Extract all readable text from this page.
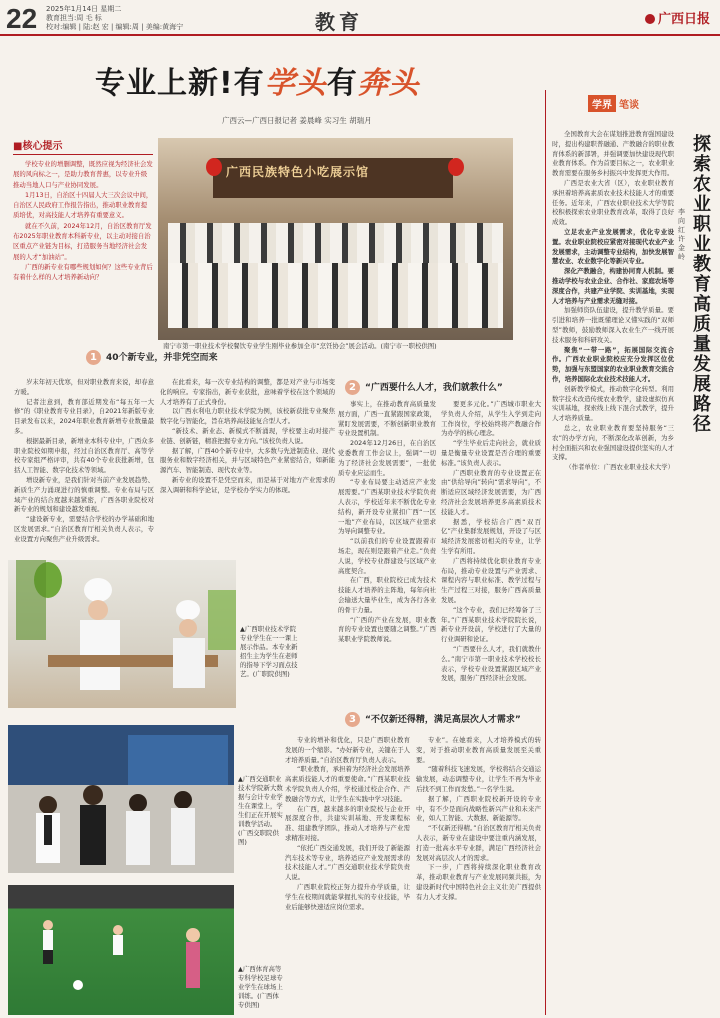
22 2025年1月14日 星期二
教育担当:周 毛 标
校对:编辑 | 陆:赵 宏 | 编辑:周 | 美编:黄海宁	教育	广西日报
专业上新!有学头有奔头
广西云—广西日报记者 姜晨峰 实习生 胡瑞月
■核心提示

学校专业的增删调整，既然应视为经济社会发展的风向标之一，是助力教育普惠，以专业升级推动当地人口与产业协同发展。

1月13日，自治区十四届人大三次会议中间，自治区人民政府工作报告指出，推动职业教育提质培优，对高技能人才培养有重要意义。

就在不久前，2024年12月，自治区教育厅发布2025年职业教育本科新专业，以主动对接自治区重点产业链为目标，打造服务当地经济社会发展的人才“加油站”。

广西的新专业有哪些规划如何？这些专业背后有着什么样的人才培养新动向？

广西民族特色小吃展示馆
南宁市第一职业技术学校餐饮专业学生刚毕业参加全市“烹饪协会”展会活动。(南宁市一职校供图)
1 40个新专业，并非凭空而来

岁末年初天优寒，但对职业教育来说，却春意方暖。

记者注意到，教育部近期发布“每五年一大修”的《职业教育专业目录》，自2021年新版专业目录发布以来，2024年职业教育新增专业数量最多。

根据最新目录，新增业本科专业中，广西众多职业院校如期申报，经过自治区教育厅、高等学校专家组严格评审，共有40个专业获批新增，包括人工智能、数字化技术等领域。

增设新专业，是我们针对当前产业发展趋势、新质生产力涌现进行的慎重调整。专业布局与区域产业的结合度越来越紧密，广西各职业院校对新专业的规划和建设越发重视。

“建设新专业，需要结合学校的办学基础和地区发展需求。”自治区教育厅相关负责人表示，专业设置方向聚焦产业升级需求。

在此看来，每一次专业结构的调整，都是对产业与市场变化的响应。专家指出，新专业获批，意味着学校在这个领域的人才培养有了正式身份。

以广西水利电力职业技术学院为例，该校新获批专业聚焦数字化与智能化，旨在培养高技能复合型人才。

“新技术、新业态、新模式不断涌现，学校要主动对接产业链、创新链，精准把握专业方向。”该校负责人说。

据了解，广西40个新专业中，大多数与先进制造业、现代服务业和数字经济相关，并与区域特色产业紧密结合，如新能源汽车、智能制造、现代农业等。

新专业的设置不是凭空而来，而是基于对地方产业需求的深入调研和科学论证，是学校办学实力的体现。

2 “广西要什么人才，我们就教什么”

事实上，在推动教育高质量发展方面，广西一直紧跟国家政策，紧盯发展需要，不断创新职业教育专业设置机制。

2024年12月26日，在自治区党委教育工作会议上，强调“一切为了经济社会发展需要”，一批优质专业应运而生。

“专业布局要主动适应产业发展需要。”广西某职业技术学院负责人表示，学校近年来不断优化专业结构，新开设专业紧扣广西“一区一地”产业布局，以区域产业需求为导向调整专业。

“以前我们的专业设置跟着市场走，现在则是跟着产业走。”负责人说，学校专业群建设与区域产业高度契合。

在广西，职业院校已成为技术技能人才培养的主阵地，每年向社会输送大量毕业生，成为各行各业的骨干力量。

“广西的产业在发展，职业教育的专业设置也要随之调整。”广西某职业学院教师说。

要更多元化。”广西城市职业大学负责人介绍，从学生入学到走向工作岗位，学校始终将产教融合作为办学的核心理念。

“学生毕业后走向社会，就业质量是衡量专业设置是否合理的重要标准。”该负责人表示。

广西职业教育的专业设置正在由“供给导向”转向“需求导向”，不断适应区域经济发展需要，为广西经济社会发展培养更多高素质技术技能人才。

据悉，学校结合广西“双百亿”产业集群发展规划，开设了与区域经济发展密切相关的专业，让学生学有所用。

广西将持续优化职业教育专业布局，推动专业设置与产业需求、课程内容与职业标准、教学过程与生产过程三对接，服务广西高质量发展。

“这个专业，我们已经筹备了三年。”广西某职业技术学院院长说，新专业开设前，学校进行了大量的行业调研和论证。

“广西要什么人才，我们就教什么。”南宁市第一职业技术学校校长表示，学校专业设置紧跟区域产业发展，服务广西经济社会发展。

3 “不仅新还得精，满足高层次人才需求”

专业的增补和优化，只是广西职业教育发展的一个缩影。“办好新专业，关键在于人才培养质量。”自治区教育厅负责人表示。

“职业教育，承担着为经济社会发展培养高素质技能人才的重要使命。”广西某职业技术学院负责人介绍，学校通过校企合作、产教融合等方式，让学生在实践中学习技能。

在广西，越来越多的职业院校与企业开展深度合作，共建实训基地、开发课程标准、组建教学团队，推动人才培养与产业需求精准对接。

“依托广西交通发展，我们开设了新能源汽车技术等专业，培养适应产业发展需求的技术技能人才。”广西交通职业技术学院负责人说。

广西职业院校正努力提升办学质量，让学生在校期间就能掌握扎实的专业技能，毕业后能够快速适应岗位需求。

专业”。在她看来，人才培养模式的转变，对于推动职业教育高质量发展至关重要。

“随着科技飞速发展，学校将结合交通运输发展，动态调整专业，让学生不再为毕业后找不到工作而发愁。”一名学生说。

据了解，广西职业院校新开设的专业中，有不少是面向战略性新兴产业和未来产业，如人工智能、大数据、新能源等。

“不仅新还得精。”自治区教育厅相关负责人表示，新专业在建设中要注重内涵发展，打造一批高水平专业群，满足广西经济社会发展对高层次人才的需求。

下一步，广西将持续深化职业教育改革，推动职业教育与产业发展同频共振，为建设新时代中国特色社会主义壮美广西提供有力人才支撑。

▲广西职业技术学院专业学生在一一课上展示作品。本专业新招生主为学生在老师的指导下学习面点技艺。(广职院供图)
▲广西交通职业技术学院新大数据与会计专业学生在课堂上，学生们正在开展实训教学活动。(广西交职院供图)
▲广西体育高等专科学校足球专业学生在球场上训练。(广西体专供图)
学界 笔谈
探索农业职业教育高质量发展路径
李向红 许金岭

全国教育大会在谋划推进教育强国建设时，提出构建职普融通、产教融合的职业教育体系的新部署，并强调要加快建设现代职业教育体系。作为首要目标之一，农业职业教育需要在服务乡村振兴中发挥更大作用。

广西是农业大省（区），农业职业教育承担着培养高素质农业技术技能人才的重要任务。近年来，广西农业职业技术大学等院校积极探索农业职业教育改革，取得了良好成效。

立足农业产业发展需求，优化专业设置。农业职业院校应紧密对接现代农业产业发展需求，主动调整专业结构，加快发展智慧农业、农业数字化等新兴专业。

深化产教融合，构建协同育人机制。要推动学校与农业企业、合作社、家庭农场等深度合作，共建产业学院、实训基地，实现人才培养与产业需求无缝对接。

加强师资队伍建设，提升教学质量。要引进和培养一批既懂理论又懂实践的“双师型”教师，鼓励教师深入农业生产一线开展技术服务和科研攻关。

聚焦“一带一路”，拓展国际交流合作。广西农业职业院校应充分发挥区位优势，加强与东盟国家的农业职业教育交流合作，培养国际化农业技术技能人才。

创新教学模式，推动数字化转型。利用数字技术改造传统农业教学，建设虚拟仿真实训基地，探索线上线下混合式教学，提升人才培养质量。

总之，农业职业教育要坚持服务“三农”的办学方向，不断深化改革创新，为乡村全面振兴和农业强国建设提供坚实的人才支撑。

（作者单位：广西农业职业技术大学）
